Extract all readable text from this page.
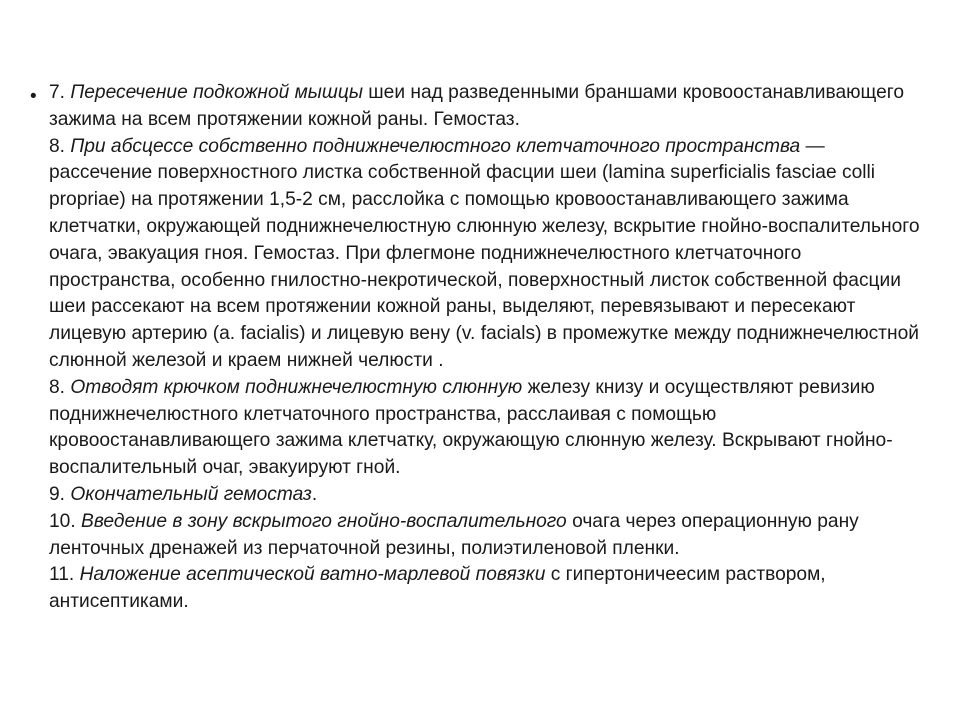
• 7. Пересечение подкожной мышцы шеи над разведенными браншами кровоостанавливающего зажима на всем протяжении кожной раны. Гемостаз.

8. При абсцессе собственно поднижнечелюстного клетчаточного пространства — рассечение поверхностного листка собственной фасции шеи (lamina superficialis fasciae colli propriae) на протяжении 1,5-2 см, расслойка с помощью кровоостанавливающего зажима клетчатки, окружающей поднижнечелюстную слюнную железу, вскрытие гнойно-воспалительного очага, эвакуация гноя. Гемостаз. При флегмоне поднижнечелюстного клетчаточного пространства, особенно гнилостно-некротической, поверхностный листок собственной фасции шеи рассекают на всем протяжении кожной раны, выделяют, перевязывают и пересекают лицевую артерию (a. facialis) и лицевую вену (v. facials) в промежутке между поднижнечелюстной слюнной железой и краем нижней челюсти .

8. Отводят крючком поднижнечелюстную слюнную железу книзу и осуществляют ревизию поднижнечелюстного клетчаточного пространства, расслаивая с помощью кровоостанавливающего зажима клетчатку, окружающую слюнную железу. Вскрывают гнойно-воспалительный очаг, эвакуируют гной.

9. Окончательный гемостаз.

10. Введение в зону вскрытого гнойно-воспалительного очага через операционную рану ленточных дренажей из перчаточной резины, полиэтиленовой пленки.

11. Наложение асептической ватно-марлевой повязки с гипертоничеесим раствором, антисептиками.
